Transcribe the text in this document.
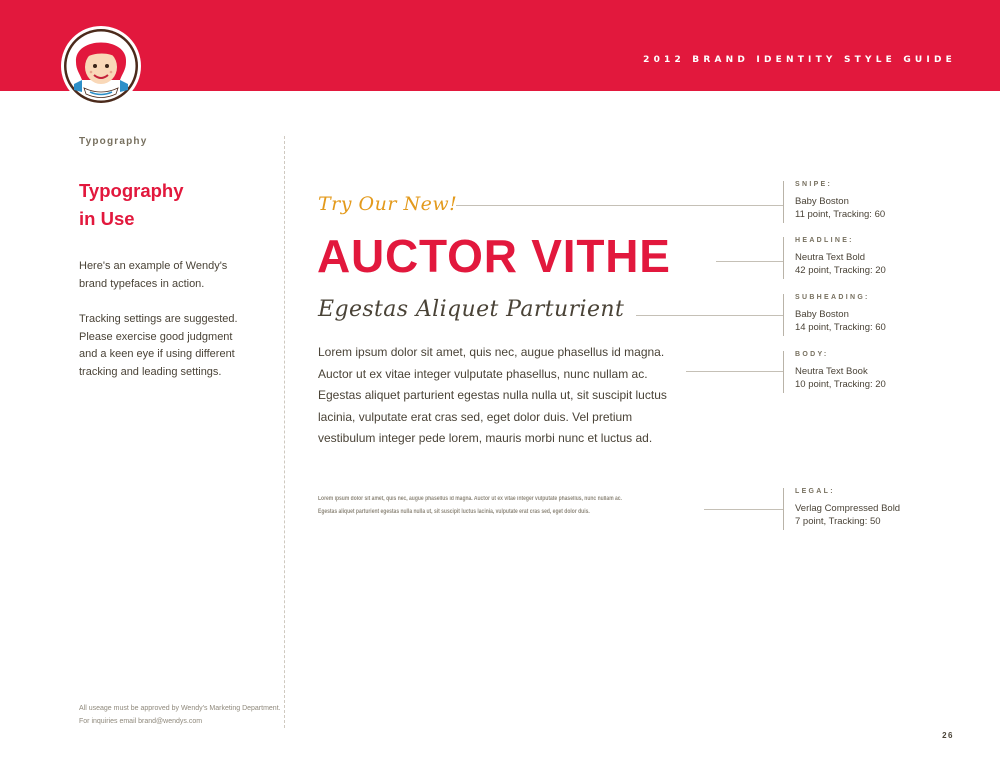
2012 BRAND IDENTITY STYLE GUIDE
Typography
Typography
in Use
Here's an example of Wendy's
brand typefaces in action.
Tracking settings are suggested.
Please exercise good judgment
and a keen eye if using different
tracking and leading settings.
All useage must be approved by Wendy's Marketing Department.
For inquiries email brand@wendys.com
Try Our New!
AUCTOR VITHE
Egestas Aliquet Parturient
Lorem ipsum dolor sit amet, quis nec, augue phasellus id magna.
Auctor ut ex vitae integer vulputate phasellus, nunc nullam ac.
Egestas aliquet parturient egestas nulla nulla ut, sit suscipit luctus
lacinia, vulputate erat cras sed, eget dolor duis. Vel pretium
vestibulum integer pede lorem, mauris morbi nunc et luctus ad.
Lorem ipsum dolor sit amet, quis nec, augue phasellus id magna. Auctor ut ex vitae integer vulputate phasellus, nunc nullam ac.
Egestas aliquet parturient egestas nulla nulla ut, sit suscipit luctus lacinia, vulputate erat cras sed, eget dolor duis.
SNIPE:
Baby Boston
11 point, Tracking: 60
HEADLINE:
Neutra Text Bold
42 point, Tracking: 20
SUBHEADING:
Baby Boston
14 point, Tracking: 60
BODY:
Neutra Text Book
10 point, Tracking: 20
LEGAL:
Verlag Compressed Bold
7 point, Tracking: 50
26
